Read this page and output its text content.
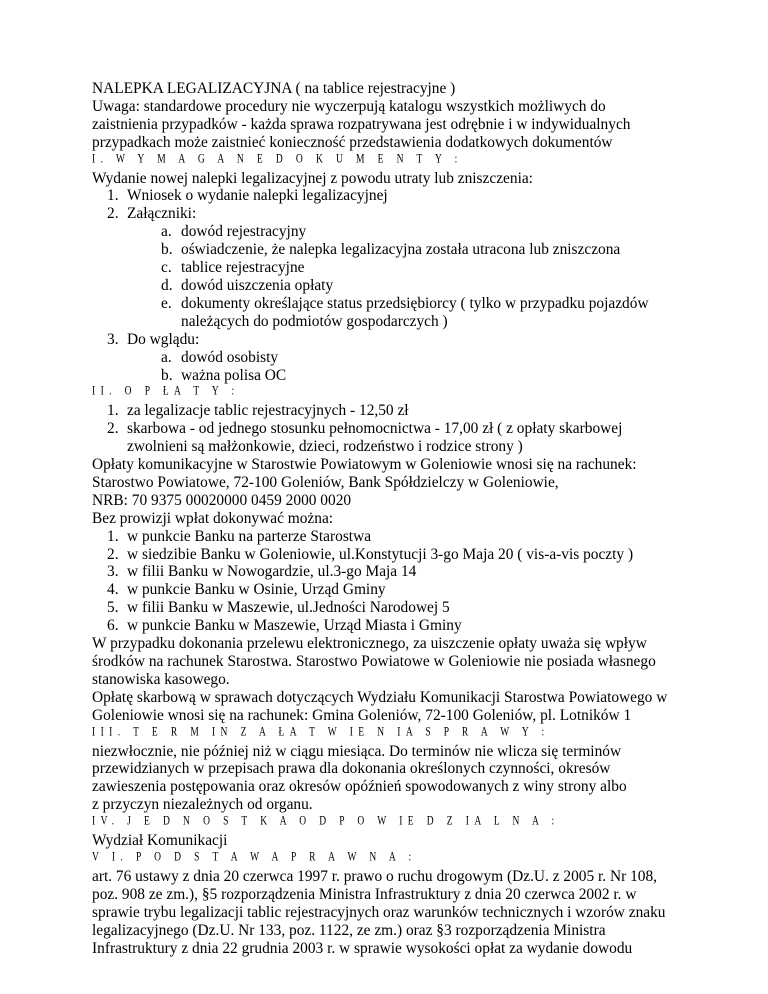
NALEPKA LEGALIZACYJNA ( na tablice rejestracyjne )
Uwaga: standardowe procedury nie wyczerpują katalogu wszystkich możliwych do
zaistnienia przypadków - każda sprawa rozpatrywana jest odrębnie i w indywidualnych
przypadkach może zaistnieć konieczność przedstawienia dodatkowych dokumentów
I. W Y M A G A N E D O K U M E N T Y :
Wydanie nowej nalepki legalizacyjnej z powodu utraty lub zniszczenia:
1. Wniosek o wydanie nalepki legalizacyjnej
2. Załączniki:
a. dowód rejestracyjny
b. oświadczenie, że nalepka legalizacyjna została utracona lub zniszczona
c. tablice rejestracyjne
d. dowód uiszczenia opłaty
e. dokumenty określające status przedsiębiorcy ( tylko w przypadku pojazdów należących do podmiotów gospodarczych )
3. Do wglądu:
a. dowód osobisty
b. ważna polisa OC
II. O P ŁA T Y :
1. za legalizacje tablic rejestracyjnych - 12,50 zł
2. skarbowa - od jednego stosunku pełnomocnictwa - 17,00 zł ( z opłaty skarbowej zwolnieni są małżonkowie, dzieci, rodzeństwo i rodzice strony )
Opłaty komunikacyjne w Starostwie Powiatowym w Goleniowie wnosi się na rachunek:
Starostwo Powiatowe, 72-100 Goleniów, Bank Spółdzielczy w Goleniowie,
NRB: 70 9375 00020000 0459 2000 0020
Bez prowizji wpłat dokonywać można:
1. w punkcie Banku na parterze Starostwa
2. w siedzibie Banku w Goleniowie, ul.Konstytucji 3-go Maja 20 ( vis-a-vis poczty )
3. w filii Banku w Nowogardzie, ul.3-go Maja 14
4. w punkcie Banku w Osinie, Urząd Gminy
5. w filii Banku w Maszewie, ul.Jedności Narodowej 5
6. w punkcie Banku w Maszewie, Urząd Miasta i Gminy
W przypadku dokonania przelewu elektronicznego, za uiszczenie opłaty uważa się wpływ
środków na rachunek Starostwa. Starostwo Powiatowe w Goleniowie nie posiada własnego
stanowiska kasowego.
Opłatę skarbową w sprawach dotyczących Wydziału Komunikacji Starostwa Powiatowego w
Goleniowie wnosi się na rachunek: Gmina Goleniów, 72-100 Goleniów, pl. Lotników 1
III. T E R M IN Z A ŁA T W IE N IA S P R A W Y :
niezwłocznie, nie później niż w ciągu miesiąca. Do terminów nie wlicza się terminów
przewidzianych w przepisach prawa dla dokonania określonych czynności, okresów
zawieszenia postępowania oraz okresów opóźnień spowodowanych z winy strony albo
z przyczyn niezależnych od organu.
IV. J E D N O S T K A O D P O W IE D Z IA L N A :
Wydział Komunikacji
V I. P O D S T A W A P R A W N A :
art. 76 ustawy z dnia 20 czerwca 1997 r. prawo o ruchu drogowym (Dz.U. z 2005 r. Nr 108,
poz. 908 ze zm.), §5 rozporządzenia Ministra Infrastruktury z dnia 20 czerwca 2002 r. w
sprawie trybu legalizacji tablic rejestracyjnych oraz warunków technicznych i wzorów znaku
legalizacyjnego (Dz.U. Nr 133, poz. 1122, ze zm.) oraz §3 rozporządzenia Ministra
Infrastruktury z dnia 22 grudnia 2003 r. w sprawie wysokości opłat za wydanie dowodu
